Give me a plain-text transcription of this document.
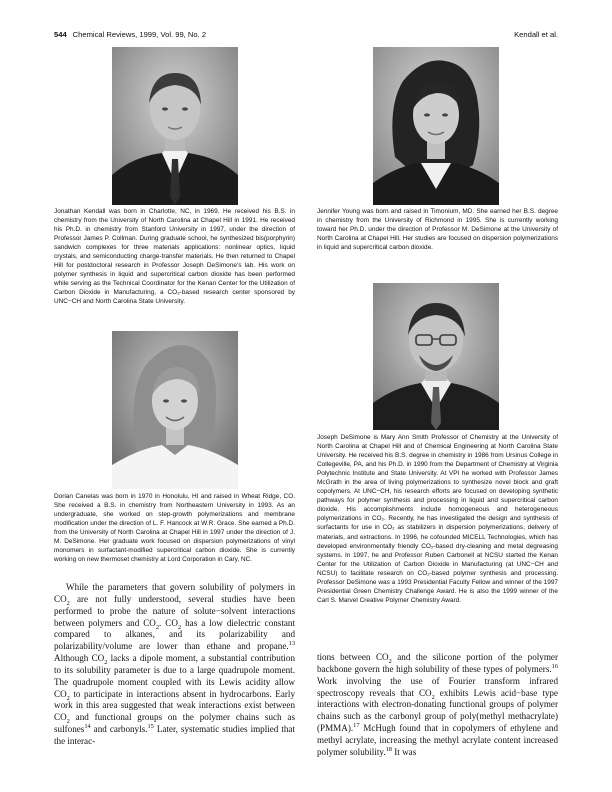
544 Chemical Reviews, 1999, Vol. 99, No. 2	Kendall et al.
Jonathan Kendall was born in Charlotte, NC, in 1969. He received his B.S. in chemistry from the University of North Carolina at Chapel Hill in 1991. He received his Ph.D. in chemistry from Stanford University in 1997, under the direction of Professor James P. Collman. During graduate school, he synthesized bis(porphyrin) sandwich complexes for three materials applications: nonlinear optics, liquid crystals, and semiconducting charge-transfer materials. He then returned to Chapel Hill for postdoctoral research in Professor Joseph DeSimone’s lab. His work on polymer synthesis in liquid and supercritical carbon dioxide has been performed while serving as the Technical Coordinator for the Kenan Center for the Utilization of Carbon Dioxide in Manufacturing, a CO₂-based research center sponsored by UNC−CH and North Carolina State University.
Jennifer Young was born and raised in Timonium, MD. She earned her B.S. degree in chemistry from the University of Richmond in 1995. She is currently working toward her Ph.D. under the direction of Professor M. DeSimone at the University of North Carolina at Chapel Hill. Her studies are focused on dispersion polymerizations in liquid and supercritical carbon dioxide.
Dorian Canelas was born in 1970 in Honolulu, HI and raised in Wheat Ridge, CO. She received a B.S. in chemistry from Northeastern University in 1993. As an undergraduate, she worked on step-growth polymerizations and membrane modification under the direction of L. F. Hancock at W.R. Grace. She earned a Ph.D. from the University of North Carolina at Chapel Hill in 1997 under the direction of J. M. DeSimone. Her graduate work focused on dispersion polymerizations of vinyl monomers in surfactant-modified supercritical carbon dioxide. She is currently working on new thermoset chemistry at Lord Corporation in Cary, NC.
Joseph DeSimone is Mary Ann Smith Professor of Chemistry at the University of North Carolina at Chapel Hill and of Chemical Engineering at North Carolina State University. He received his B.S. degree in chemistry in 1986 from Ursinus College in Collegeville, PA, and his Ph.D. in 1990 from the Department of Chemistry at Virginia Polytechnic Institute and State University. At VPI he worked with Professor James McGrath in the area of living polymerizations to synthesize novel block and graft copolymers. At UNC−CH, his research efforts are focused on developing synthetic pathways for polymer synthesis and processing in liquid and supercritical carbon dioxide. His accomplishments include homogeneous and heterogeneous polymerizations in CO₂. Recently, he has investigated the design and synthesis of surfactants for use in CO₂ as stabilizers in dispersion polymerizations, delivery of materials, and extractions. In 1996, he cofounded MICELL Technologies, which has developed environmentally friendly CO₂-based dry-cleaning and metal degreasing systems. In 1997, he and Professor Ruben Carbonell at NCSU started the Kenan Center for the Utilization of Carbon Dioxide in Manufacturing (at UNC−CH and NCSU) to facilitate research on CO₂-based polymer synthesis and processing. Professor DeSimone was a 1993 Presidential Faculty Fellow and winner of the 1997 Presidential Green Chemistry Challenge Award. He is also the 1999 winner of the Carl S. Marvel Creative Polymer Chemistry Award.
While the parameters that govern solubility of polymers in $CO_2$ are not fully understood, several studies have been performed to probe the nature of solute−solvent interactions between polymers and $CO_2$. $CO_2$ has a low dielectric constant compared to alkanes, and its polarizability and polarizability/volume are lower than ethane and propane.$^{13}$ Although $CO_2$ lacks a dipole moment, a substantial contribution to its solubility parameter is due to a large quadrupole moment. The quadrupole moment coupled with its Lewis acidity allow $CO_2$ to participate in interactions absent in hydrocarbons. Early work in this area suggested that weak interactions exist between $CO_2$ and functional groups on the polymer chains such as sulfones$^{14}$ and carbonyls.$^{15}$ Later, systematic studies implied that the interac-
tions between $CO_2$ and the silicone portion of the polymer backbone govern the high solubility of these types of polymers.$^{16}$ Work involving the use of Fourier transform infrared spectroscopy reveals that $CO_2$ exhibits Lewis acid−base type interactions with electron-donating functional groups of polymer chains such as the carbonyl group of poly(methyl methacrylate) (PMMA).$^{17}$ McHugh found that in copolymers of ethylene and methyl acrylate, increasing the methyl acrylate content increased polymer solubility.$^{18}$ It was
